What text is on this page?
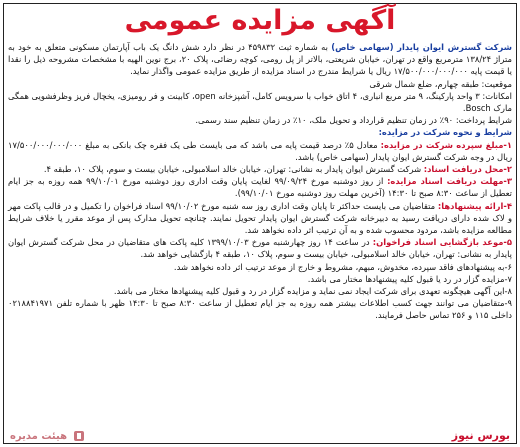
آگهی مزایده عمومی

شرکت گسترش ایوان پایدار (سهامی خاص) به شماره ثبت ۴۵۹۸۳۲ در نظر دارد شش دانگ یک باب آپارتمان مسکونی متعلق به خود به متراژ ۱۳۸/۲۴ مترمربع واقع در تهران، خیابان شریعتی، بالاتر از پل رومی، کوچه رضائی، پلاک ۲۰، برج نوین الهیه با مشخصات مشروحه ذیل را نقدا یا قیمت پایه ۱۷/۵۰۰/۰۰۰/۰۰۰/۰۰۰ ریال یا شرایط مندرج در اسناد مزایده از طریق مزایده عمومی واگذار نماید.

موقعیت: طبقه چهارم، ضلع شمال شرقی

امکانات: ۳ واحد پارکینگ، ۹ متر مربع انباری، ۴ اتاق خواب با سرویس کامل، آشپزخانه open، کابینت و فر رومیزی، یخچال فریز وظرفشویی همگی مارک Bosch.

شرایط پرداخت: ۹۰٪ در زمان تنظیم قرارداد و تحویل ملک، ۱۰٪ در زمان تنظیم سند رسمی.

شرایط و نحوه شرکت در مزایده:

۱-مبلغ سپرده شرکت در مزایده: معادل ۵٪ درصد قیمت پایه می باشد که می بایست طی یک فقره چک بانکی به مبلغ ۱۷/۵۰۰/۰۰۰/۰۰۰/۰۰۰ ریال در وجه شرکت گسترش ایوان پایدار (سهامی خاص) باشد.

۲-محل دریافت اسناد: شرکت گسترش ایوان پایدار به نشانی: تهران، خیابان خالد اسلامبولی، خیابان بیست و سوم، پلاک ۱۰، طبقه ۴.

۳-مهلت دریافت اسناد مزایده: از روز دوشنبه مورخ ۹۹/۰۹/۲۴ لغایت پایان وقت اداری روز دوشنبه مورخ ۹۹/۱۰/۰۱ همه روزه به جز ایام تعطیل از ساعت ۸:۳۰ صبح تا ۱۴:۳۰ (آخرین مهلت روز دوشنبه مورخ ۹۹/۱۰/۰۱).

۴-ارائه پیشنهادها: متقاضیان می بایست حداکثر تا پایان وقت اداری روز سه شنبه مورخ ۹۹/۱۰/۰۲ اسناد فراخوان را تکمیل و در قالب پاکت مهر و لاک شده دارای دریافت رسید به دبیرخانه شرکت گسترش ایوان پایدار تحویل نمایند. چنانچه تحویل مدارک پس از موعد مقرر یا خلاف شرایط مطالعه مزایده باشد، مردود محسوب شده و به آن ترتیب اثر داده نخواهد شد.

۵-موعد بازگشایی اسناد فراخوان: در ساعت ۱۴ روز چهارشنبه مورخ ۱۳۹۹/۱۰/۰۳ کلیه پاکت های متقاضیان در محل شرکت گسترش ایوان پایدار به نشانی: تهران، خیابان خالد اسلامبولی، خیابان بیست و سوم، پلاک ۱۰، طبقه ۴ بازگشایی خواهد شد.

۶-به پیشنهادهای فاقد سپرده، مخدوش، مبهم، مشروط و خارج از موعد ترتیب اثر داده نخواهد شد.

۷-مزایده گزار در رد یا قبول کلیه پیشنهادها مختار می باشد.

۸-این آگهی هیچگونه تعهدی برای شرکت ایجاد نمی نماید و مزایده گزار در رد و قبول کلیه پیشنهادها مختار می باشد.

۹-متقاضیان می توانند جهت کسب اطلاعات بیشتر همه روزه به جز ایام تعطیل از ساعت ۸:۳۰ صبح تا ۱۴:۳۰ ظهر با شماره تلفن ۰۲۱۸۸۴۱۹۷۱ داخلی ۱۱۵ و ۲۵۶ تماس حاصل فرمایند.

بورس نیوز
هیئت مدیره
